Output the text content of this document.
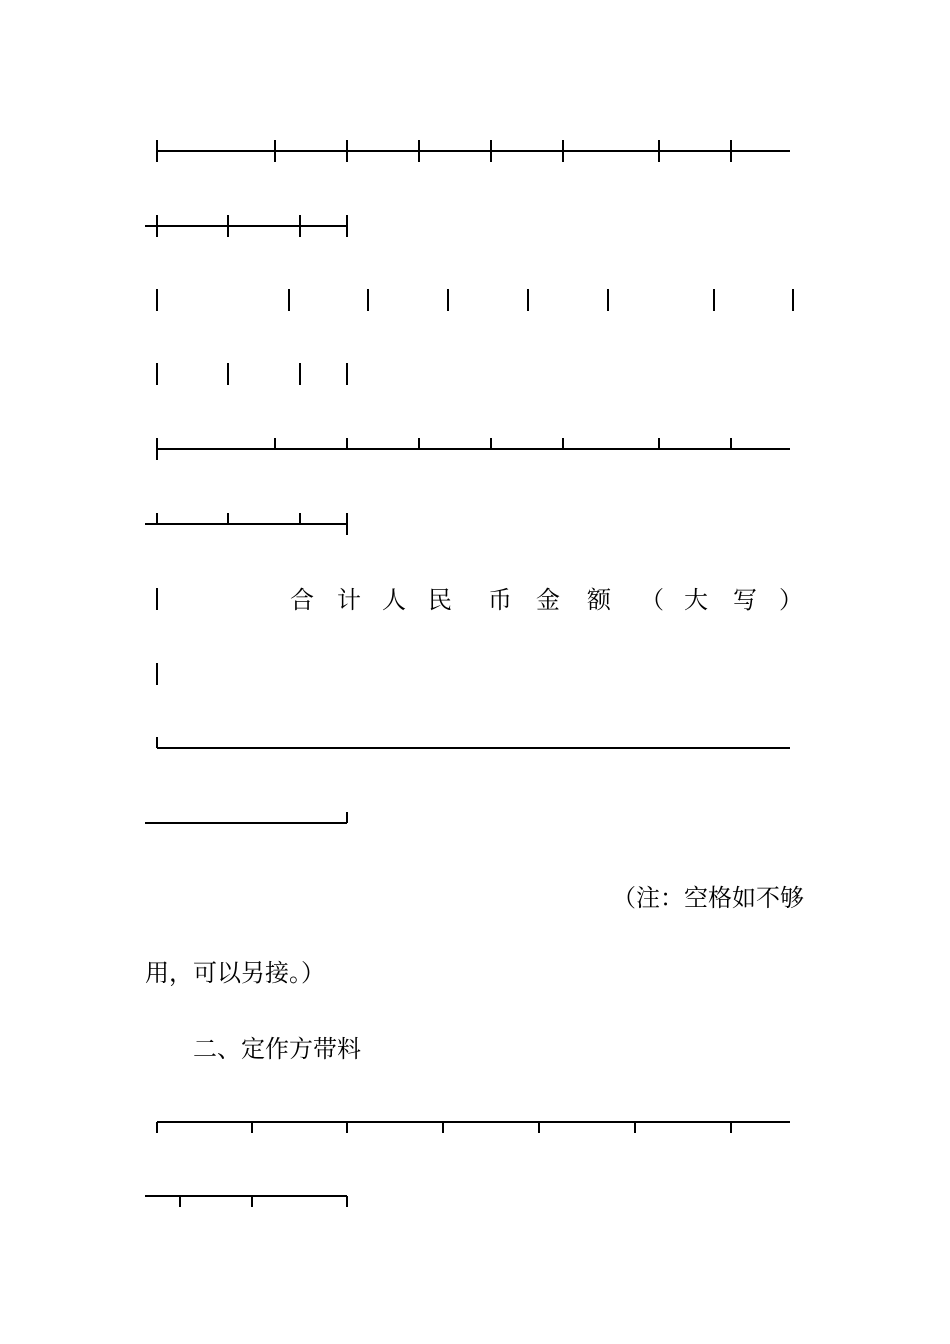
合 计 人 民 币 金 额 （ 大 写 ）
（注：空格如不够
用，可以另接。）
二、定作方带料
